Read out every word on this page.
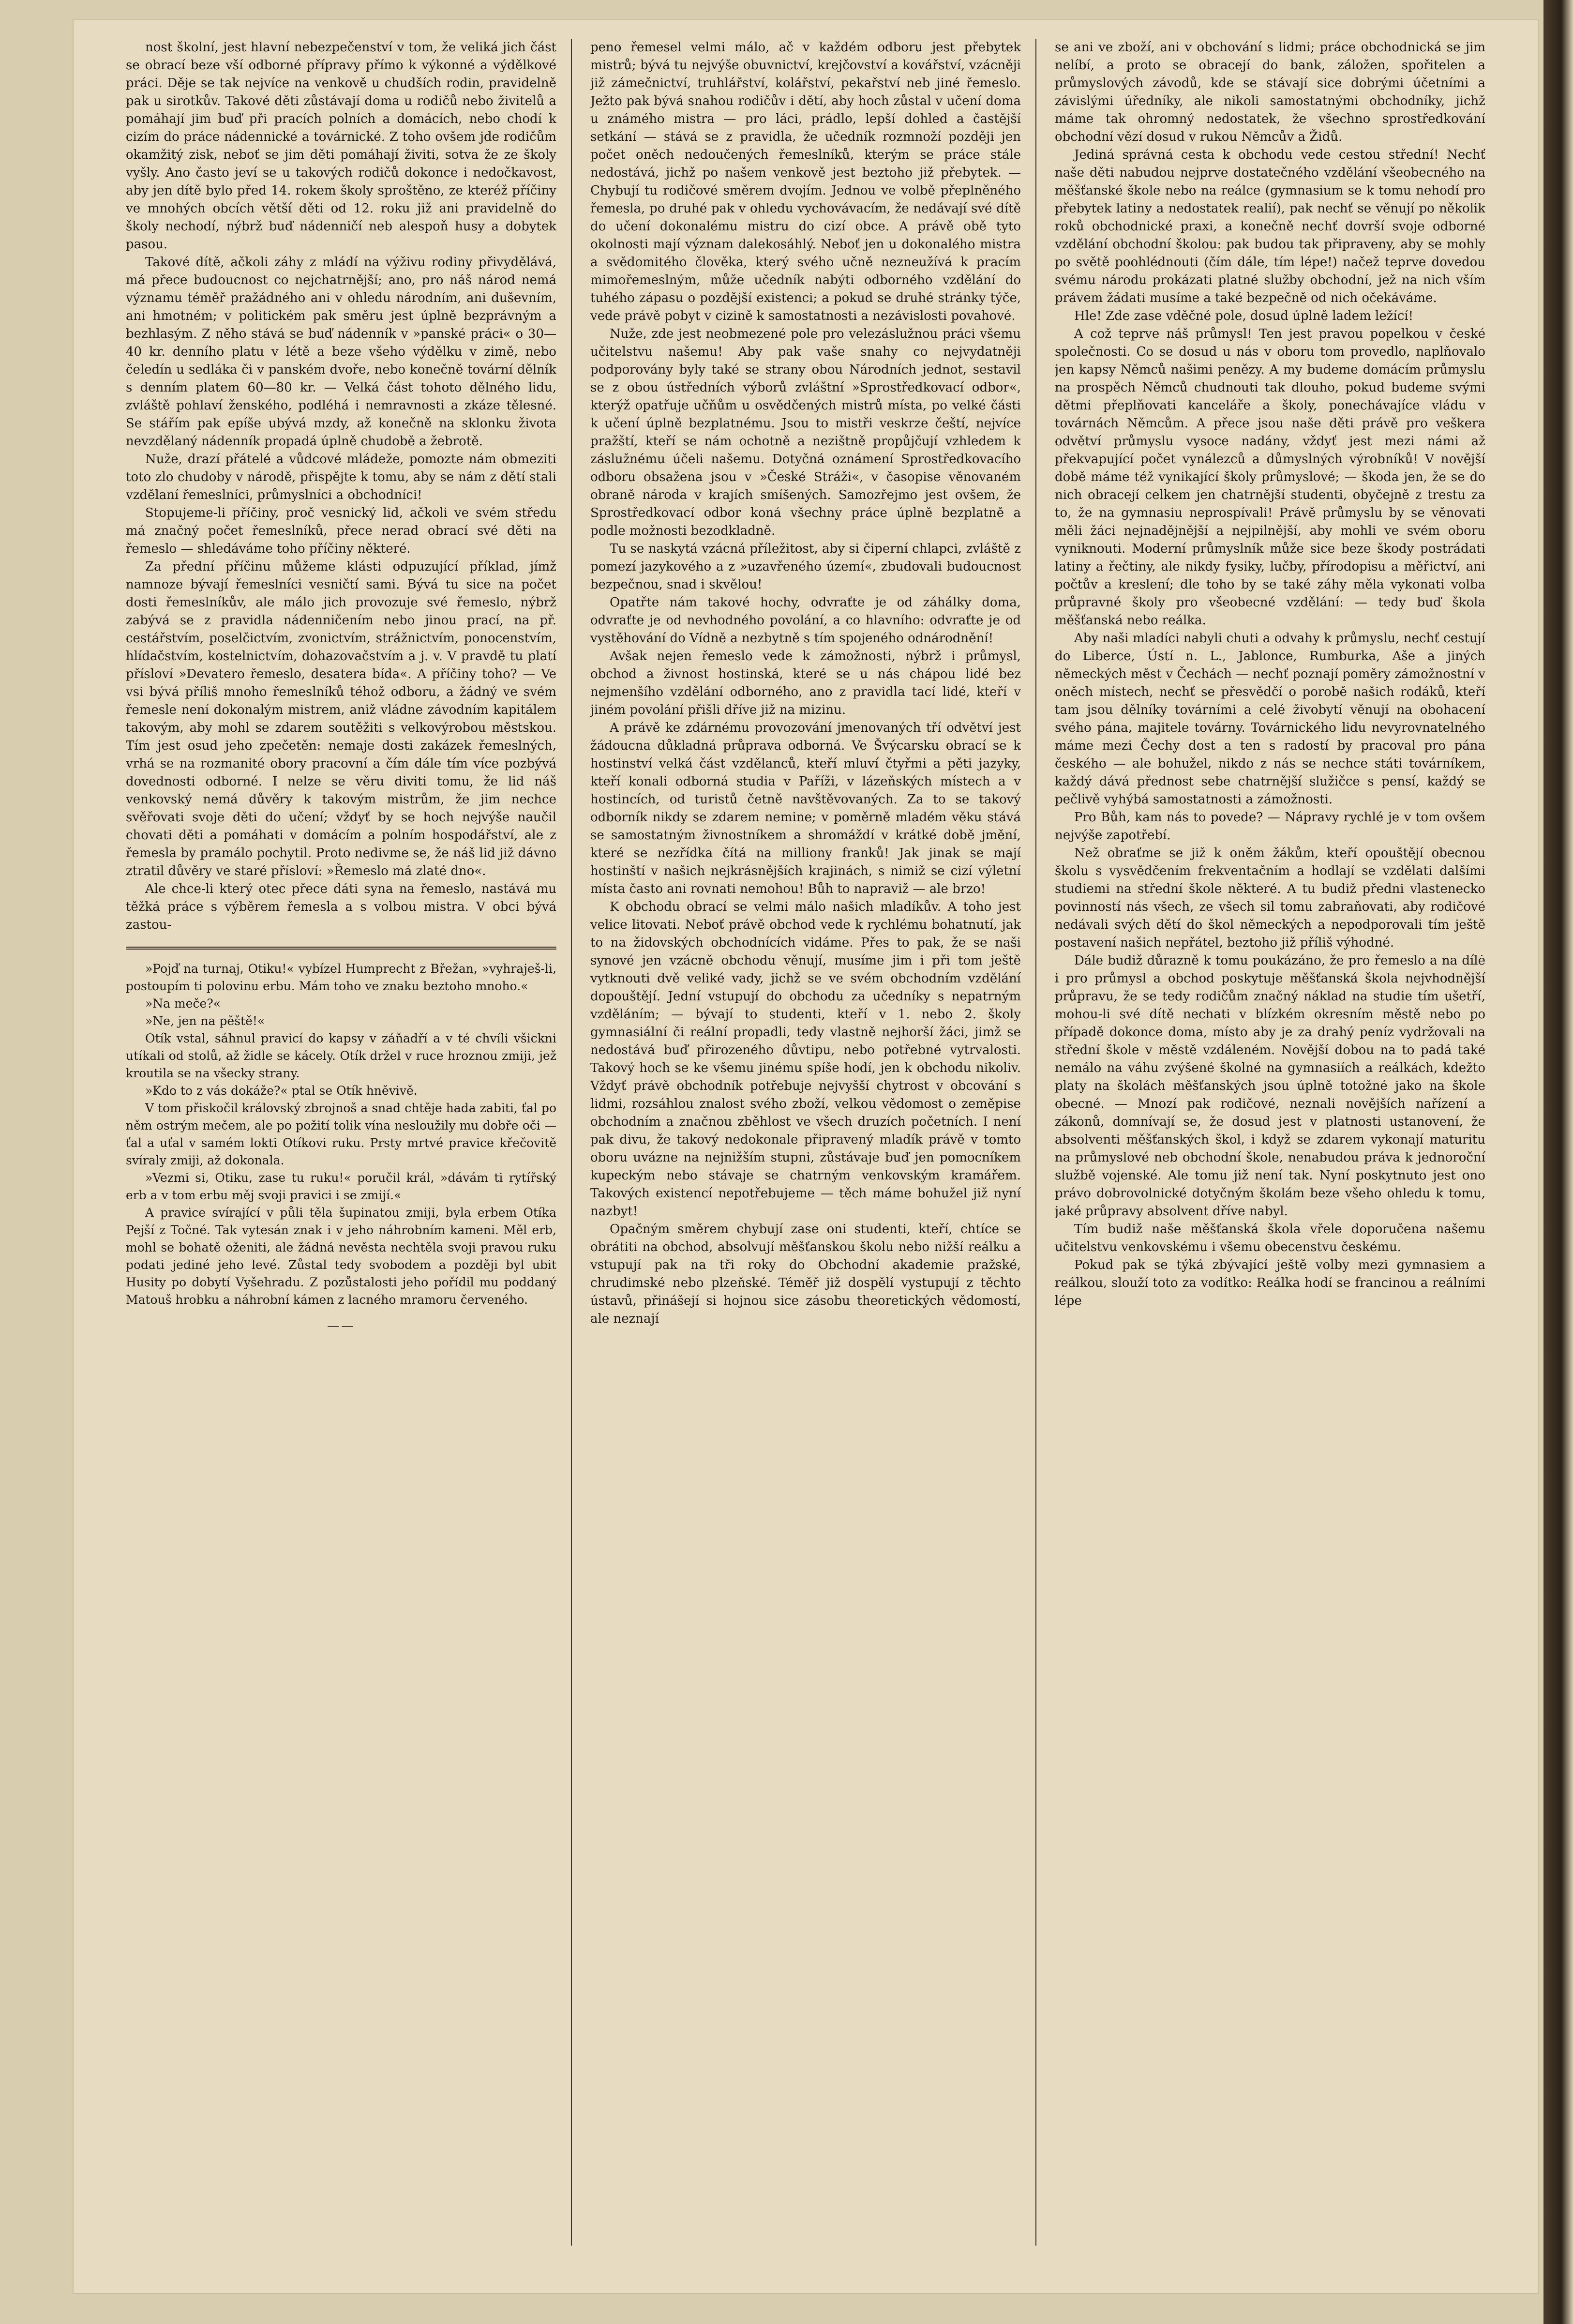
nost školní, jest hlavní nebezpečenství v tom, že veliká jich část se obrací beze vší odborné přípravy přímo k výkonné a výdělkové práci. Děje se tak nejvíce na venkově u chudších rodin, pravidelně pak u sirotkův. Takové děti zůstávají doma u rodičů nebo živitelů a pomáhají jim buď při pracích polních a domácích, nebo chodí k cizím do práce nádennické a továrnické. Z toho ovšem jde rodičům okamžitý zisk, neboť se jim děti pomáhají živiti, sotva že ze školy vyšly. Ano často jeví se u takových rodičů dokonce i nedočkavost, aby jen dítě bylo před 14. rokem školy sproštěno, ze kteréž příčiny ve mnohých obcích větší děti od 12. roku již ani pravidelně do školy nechodí, nýbrž buď nádenničí neb alespoň husy a dobytek pasou.

Takové dítě, ačkoli záhy z mládí na výživu rodiny přivydělává, má přece budoucnost co nejchatrnější; ano, pro náš národ nemá významu téměř pražádného ani v ohledu národním, ani duševním, ani hmotném; v politickém pak směru jest úplně bezprávným a bezhlasým. Z něho stává se buď nádenník v »panské práci« o 30—40 kr. denního platu v létě a beze všeho výdělku v zimě, nebo čeledín u sedláka či v panském dvoře, nebo konečně tovární dělník s denním platem 60—80 kr. — Velká část tohoto dělného lidu, zvláště pohlaví ženského, podléhá i nemravnosti a zkáze tělesné. Se stářím pak epíše ubývá mzdy, až konečně na sklonku života nevzdělaný nádenník propadá úplně chudobě a žebrotě.

Nuže, drazí přátelé a vůdcové mládeže, pomozte nám obmeziti toto zlo chudoby v národě, přispějte k tomu, aby se nám z dětí stali vzdělaní řemeslníci, průmyslníci a obchodníci!

Stopujeme-li příčiny, proč vesnický lid, ačkoli ve svém středu má značný počet řemeslníků, přece nerad obrací své děti na řemeslo — shledáváme toho příčiny některé.

Za přední příčinu můžeme klásti odpuzující příklad, jímž namnoze bývají řemeslníci vesničtí sami. Bývá tu sice na počet dosti řemeslníkův, ale málo jich provozuje své řemeslo, nýbrž zabývá se z pravidla nádenničením nebo jinou prací, na př. cestářstvím, poselčictvím, zvonictvím, strážnictvím, ponocenstvím, hlídačstvím, kostelnictvím, dohazovačstvím a j. v. V pravdě tu platí přísloví »Devatero řemeslo, desatera bída«. A příčiny toho? — Ve vsi bývá příliš mnoho řemeslníků téhož odboru, a žádný ve svém řemesle není dokonalým mistrem, aniž vládne závodním kapitálem takovým, aby mohl se zdarem soutěžiti s velkovýrobou městskou. Tím jest osud jeho zpečetěn: nemaje dosti zakázek řemeslných, vrhá se na rozmanité obory pracovní a čím dále tím více pozbývá dovednosti odborné. I nelze se věru diviti tomu, že lid náš venkovský nemá důvěry k takovým mistrům, že jim nechce svěřovati svoje děti do učení; vždyť by se hoch nejvýše naučil chovati děti a pomáhati v domácím a polním hospodářství, ale z řemesla by pramálo pochytil. Proto nedivme se, že náš lid již dávno ztratil důvěry ve staré přísloví: »Řemeslo má zlaté dno«.

Ale chce-li který otec přece dáti syna na řemeslo, nastává mu těžká práce s výběrem řemesla a s volbou mistra. V obci bývá zastou-

»Pojď na turnaj, Otiku!« vybízel Humprecht z Břežan, »vyhraješ-li, postoupím ti polovinu erbu. Mám toho ve znaku beztoho mnoho.«

»Na meče?«

»Ne, jen na pěště!«

Otík vstal, sáhnul pravicí do kapsy v záňadří a v té chvíli všickni utíkali od stolů, až židle se kácely. Otík držel v ruce hroznou zmiji, jež kroutila se na všecky strany.

»Kdo to z vás dokáže?« ptal se Otík hněvivě.

V tom přiskočil královský zbrojnoš a snad chtěje hada zabiti, ťal po něm ostrým mečem, ale po požití tolik vína nesloužily mu dobře oči — ťal a uťal v samém lokti Otíkovi ruku. Prsty mrtvé pravice křečovitě svíraly zmiji, až dokonala.

»Vezmi si, Otiku, zase tu ruku!« poručil král, »dávám ti rytířský erb a v tom erbu měj svoji pravici i se zmijí.«

A pravice svírající v půli těla šupinatou zmiji, byla erbem Otíka Pejší z Točné. Tak vytesán znak i v jeho náhrobním kameni. Měl erb, mohl se bohatě oženiti, ale žádná nevěsta nechtěla svoji pravou ruku podati jediné jeho levé. Zůstal tedy svobodem a později byl ubit Husity po dobytí Vyšehradu. Z pozůstalosti jeho pořídil mu poddaný Matouš hrobku a náhrobní kámen z lacného mramoru červeného.

——

peno řemesel velmi málo, ač v každém odboru jest přebytek mistrů; bývá tu nejvýše obuvnictví, krejčovství a kovářství, vzácněji již zámečnictví, truhlářství, kolářství, pekařství neb jiné řemeslo. Ježto pak bývá snahou rodičův i dětí, aby hoch zůstal v učení doma u známého mistra — pro láci, prádlo, lepší dohled a častější setkání — stává se z pravidla, že učedník rozmnoží později jen počet oněch nedoučených řemeslníků, kterým se práce stále nedostává, jichž po našem venkově jest beztoho již přebytek. — Chybují tu rodičové směrem dvojím. Jednou ve volbě přeplněného řemesla, po druhé pak v ohledu vychovávacím, že nedávají své dítě do učení dokonalému mistru do cizí obce. A právě obě tyto okolnosti mají význam dalekosáhlý. Neboť jen u dokonalého mistra a svědomitého člověka, který svého učně nezneužívá k pracím mimořemeslným, může učedník nabýti odborného vzdělání do tuhého zápasu o pozdější existenci; a pokud se druhé stránky týče, vede právě pobyt v cizině k samostatnosti a nezávislosti povahové.

Nuže, zde jest neobmezené pole pro velezáslužnou práci všemu učitelstvu našemu! Aby pak vaše snahy co nejvydatněji podporovány byly také se strany obou Národních jednot, sestavil se z obou ústředních výborů zvláštní »Sprostředkovací odbor«, kterýž opatřuje učňům u osvědčených mistrů místa, po velké části k učení úplně bezplatnému. Jsou to mistři veskrze čeští, nejvíce pražští, kteří se nám ochotně a nezištně propůjčují vzhledem k záslužnému účeli našemu. Dotyčná oznámení Sprostředkovacího odboru obsažena jsou v »České Stráži«, v časopise věnovaném obraně národa v krajích smíšených. Samozřejmo jest ovšem, že Sprostředkovací odbor koná všechny práce úplně bezplatně a podle možnosti bezodkladně.

Tu se naskytá vzácná příležitost, aby si čiperní chlapci, zvláště z pomezí jazykového a z »uzavřeného území«, zbudovali budoucnost bezpečnou, snad i skvělou!

Opatřte nám takové hochy, odvraťte je od záhálky doma, odvraťte je od nevhodného povolání, a co hlavního: odvraťte je od vystěhování do Vídně a nezbytně s tím spojeného odnárodnění!

Avšak nejen řemeslo vede k zámožnosti, nýbrž i průmysl, obchod a živnost hostinská, které se u nás chápou lidé bez nejmenšího vzdělání odborného, ano z pravidla tací lidé, kteří v jiném povolání přišli dříve již na mizinu.

A právě ke zdárnému provozování jmenovaných tří odvětví jest žádoucna důkladná průprava odborná. Ve Švýcarsku obrací se k hostinství velká část vzdělanců, kteří mluví čtyřmi a pěti jazyky, kteří konali odborná studia v Paříži, v lázeňských místech a v hostincích, od turistů četně navštěvovaných. Za to se takový odborník nikdy se zdarem nemine; v poměrně mladém věku stává se samostatným živnostníkem a shromáždí v krátké době jmění, které se nezřídka čítá na milliony franků! Jak jinak se mají hostinští v našich nejkrásnějších krajinách, s nimiž se cizí výletní místa často ani rovnati nemohou! Bůh to napraviž — ale brzo!

K obchodu obrací se velmi málo našich mladíkův. A toho jest velice litovati. Neboť právě obchod vede k rychlému bohatnutí, jak to na židovských obchodnících vidáme. Přes to pak, že se naši synové jen vzácně obchodu věnují, musíme jim i při tom ještě vytknouti dvě veliké vady, jichž se ve svém obchodním vzdělání dopouštějí. Jední vstupují do obchodu za učedníky s nepatrným vzděláním; — bývají to studenti, kteří v 1. nebo 2. školy gymnasiální či reální propadli, tedy vlastně nejhorší žáci, jimž se nedostává buď přirozeného důvtipu, nebo potřebné vytrvalosti. Takový hoch se ke všemu jinému spíše hodí, jen k obchodu nikoliv. Vždyť právě obchodník potřebuje nejvyšší chytrost v obcování s lidmi, rozsáhlou znalost svého zboží, velkou vědomost o zeměpise obchodním a značnou zběhlost ve všech druzích početních. I není pak divu, že takový nedokonale připravený mladík právě v tomto oboru uvázne na nejnižším stupni, zůstávaje buď jen pomocníkem kupeckým nebo stávaje se chatrným venkovským kramářem. Takových existencí nepotřebujeme — těch máme bohužel již nyní nazbyt!

Opačným směrem chybují zase oni studenti, kteří, chtíce se obrátiti na obchod, absolvují měšťanskou školu nebo nižší reálku a vstupují pak na tři roky do Obchodní akademie pražské, chrudimské nebo plzeňské. Téměř již dospělí vystupují z těchto ústavů, přinášejí si hojnou sice zásobu theoretických vědomostí, ale neznají

se ani ve zboží, ani v obchování s lidmi; práce obchodnická se jim nelíbí, a proto se obracejí do bank, záložen, spořitelen a průmyslových závodů, kde se stávají sice dobrými účetními a závislými úředníky, ale nikoli samostatnými obchodníky, jichž máme tak ohromný nedostatek, že všechno sprostředkování obchodní vězí dosud v rukou Němcův a Židů.

Jediná správná cesta k obchodu vede cestou střední! Nechť naše děti nabudou nejprve dostatečného vzdělání všeobecného na měšťanské škole nebo na reálce (gymnasium se k tomu nehodí pro přebytek latiny a nedostatek realií), pak nechť se věnují po několik roků obchodnické praxi, a konečně nechť dovrší svoje odborné vzdělání obchodní školou: pak budou tak připraveny, aby se mohly po světě poohlédnouti (čím dále, tím lépe!) načež teprve dovedou svému národu prokázati platné služby obchodní, jež na nich vším právem žádati musíme a také bezpečně od nich očekáváme.

Hle! Zde zase vděčné pole, dosud úplně ladem ležící!

A což teprve náš průmysl! Ten jest pravou popelkou v české společnosti. Co se dosud u nás v oboru tom provedlo, naplňovalo jen kapsy Němců našimi penězy. A my budeme domácím průmyslu na prospěch Němců chudnouti tak dlouho, pokud budeme svými dětmi přeplňovati kanceláře a školy, ponechávajíce vládu v továrnách Němcům. A přece jsou naše děti právě pro veškera odvětví průmyslu vysoce nadány, vždyť jest mezi námi až překvapující počet vynálezců a důmyslných výrobníků! V novější době máme též vynikající školy průmyslové; — škoda jen, že se do nich obracejí celkem jen chatrnější studenti, obyčejně z trestu za to, že na gymnasiu neprospívali! Právě průmyslu by se věnovati měli žáci nejnadějnější a nejpilnější, aby mohli ve svém oboru vyniknouti. Moderní průmyslník může sice beze škody postrádati latiny a řečtiny, ale nikdy fysiky, lučby, přírodopisu a měřictví, ani počtův a kreslení; dle toho by se také záhy měla vykonati volba průpravné školy pro všeobecné vzdělání: — tedy buď škola měšťanská nebo reálka.

Aby naši mladíci nabyli chuti a odvahy k průmyslu, nechť cestují do Liberce, Ústí n. L., Jablonce, Rumburka, Aše a jiných německých měst v Čechách — nechť poznají poměry zámožnostní v oněch místech, nechť se přesvědčí o porobě našich rodáků, kteří tam jsou dělníky továrními a celé živobytí věnují na obohacení svého pána, majitele továrny. Továrnického lidu nevyrovnatelného máme mezi Čechy dost a ten s radostí by pracoval pro pána českého — ale bohužel, nikdo z nás se nechce státi továrníkem, každý dává přednost sebe chatrnější služičce s pensí, každý se pečlivě vyhýbá samostatnosti a zámožnosti.

Pro Bůh, kam nás to povede? — Nápravy rychlé je v tom ovšem nejvýše zapotřebí.

Než obraťme se již k oněm žákům, kteří opouštějí obecnou školu s vysvědčením frekventačním a hodlají se vzdělati dalšími studiemi na střední škole některé. A tu budiž předni vlastenecko povinností nás všech, ze všech sil tomu zabraňovati, aby rodičové nedávali svých dětí do škol německých a nepodporovali tím ještě postavení našich nepřátel, beztoho již příliš výhodné.

Dále budiž důrazně k tomu poukázáno, že pro řemeslo a na dílė i pro průmysl a obchod poskytuje měšťanská škola nejvhodnější průpravu, že se tedy rodičům značný náklad na studie tím ušetří, mohou-li své dítě nechati v blízkém okresním městě nebo po případě dokonce doma, místo aby je za drahý peníz vydržovali na střední škole v městě vzdáleném. Novější dobou na to padá také nemálo na váhu zvýšené školné na gymnasiích a reálkách, kdežto platy na školách měšťanských jsou úplně totožné jako na škole obecné. — Mnozí pak rodičové, neznali novějších nařízení a zákonů, domnívají se, že dosud jest v platnosti ustanovení, že absolventi měšťanských škol, i když se zdarem vykonají maturitu na průmyslové neb obchodní škole, nenabudou práva k jednoroční službě vojenské. Ale tomu již není tak. Nyní poskytnuto jest ono právo dobrovolnické dotyčným školám beze všeho ohledu k tomu, jaké průpravy absolvent dříve nabyl.

Tím budiž naše měšťanská škola vřele doporučena našemu učitelstvu venkovskému i všemu obecenstvu českému.

Pokud pak se týká zbývající ještě volby mezi gymnasiem a reálkou, slouží toto za vodítko: Reálka hodí se francinou a reálními lépe
